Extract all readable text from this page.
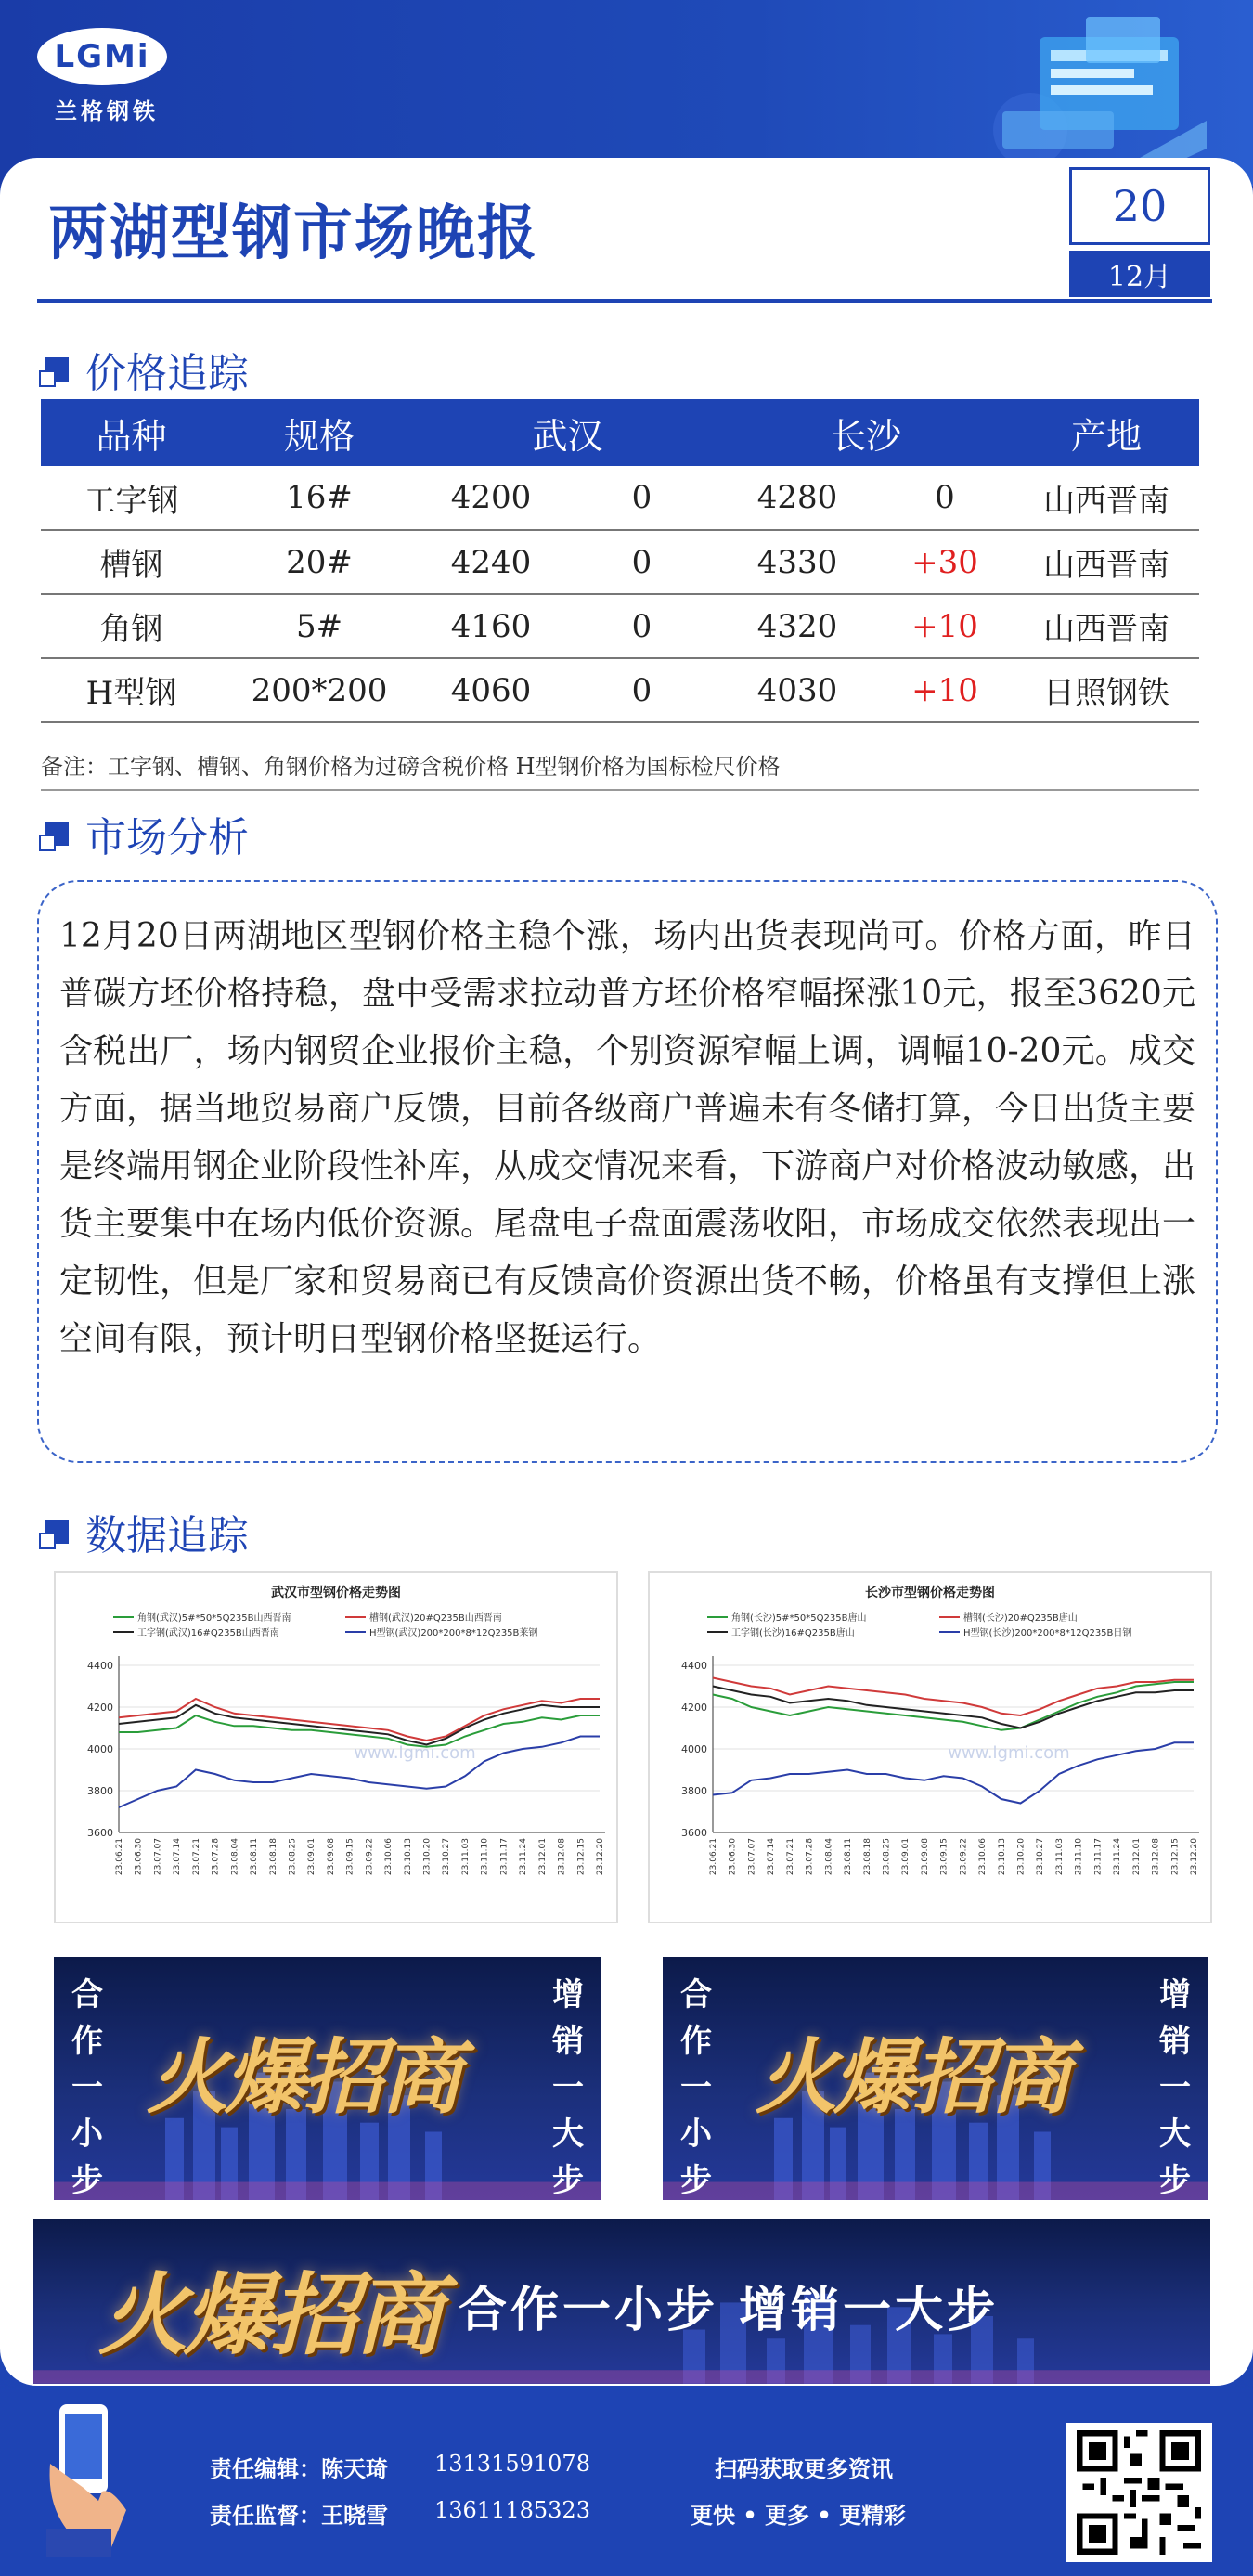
LGMi
兰格钢铁
两湖型钢市场晚报	20
12月
价格追踪
品种	规格	武汉		长沙		产地
工字钢	16#	4200	0	4280	0	山西晋南
槽钢	20#	4240	0	4330	+30	山西晋南
角钢	5#	4160	0	4320	+10	山西晋南
H型钢	200*200	4060	0	4030	+10	日照钢铁
备注：工字钢、槽钢、角钢价格为过磅含税价格 H型钢价格为国标检尺价格
市场分析

12月20日两湖地区型钢价格主稳个涨，场内出货表现尚可。价格方面，昨日普碳方坯价格持稳，盘中受需求拉动普方坯价格窄幅探涨10元，报至3620元含税出厂，场内钢贸企业报价主稳，个别资源窄幅上调，调幅10-20元。成交方面，据当地贸易商户反馈，目前各级商户普遍未有冬储打算，今日出货主要是终端用钢企业阶段性补库，从成交情况来看，下游商户对价格波动敏感，出货主要集中在场内低价资源。尾盘电子盘面震荡收阳，市场成交依然表现出一定韧性，但是厂家和贸易商已有反馈高价资源出货不畅，价格虽有支撑但上涨空间有限，预计明日型钢价格坚挺运行。

数据追踪
武汉市型钢价格走势图
角钢(武汉)5#*50*5Q235B山西晋南	槽钢(武汉)20#Q235B山西晋南
工字钢(武汉)16#Q235B山西晋南	H型钢(武汉)200*200*8*12Q235B莱钢
3600
3800
4000
4200
4400
www.lgmi.com
23.06.21 23.06.30 23.07.07 23.07.14 23.07.21 23.07.28 23.08.04 23.08.11 23.08.18 23.08.25 23.09.01 23.09.08 23.09.15 23.09.22 23.10.06 23.10.13 23.10.20 23.10.27 23.11.03 23.11.10 23.11.17 23.11.24 23.12.01 23.12.08 23.12.15 23.12.20
长沙市型钢价格走势图
角钢(长沙)5#*50*5Q235B唐山	槽钢(长沙)20#Q235B唐山
工字钢(长沙)16#Q235B唐山	H型钢(长沙)200*200*8*12Q235B日钢
3600
3800
4000
4200
4400
www.lgmi.com
23.06.21 23.06.30 23.07.07 23.07.14 23.07.21 23.07.28 23.08.04 23.08.11 23.08.18 23.08.25 23.09.01 23.09.08 23.09.15 23.09.22 23.10.06 23.10.13 23.10.20 23.10.27 23.11.03 23.11.10 23.11.17 23.11.24 23.12.01 23.12.08 23.12.15 23.12.20
合作一小步
火爆招商
增销一大步
合作一小步
火爆招商
增销一大步
火爆招商 合作一小步 增销一大步
责任编辑：陈天琦 13131591078
责任监督：王晓雪 13611185323
扫码获取更多资讯
更快 • 更多 • 更精彩
